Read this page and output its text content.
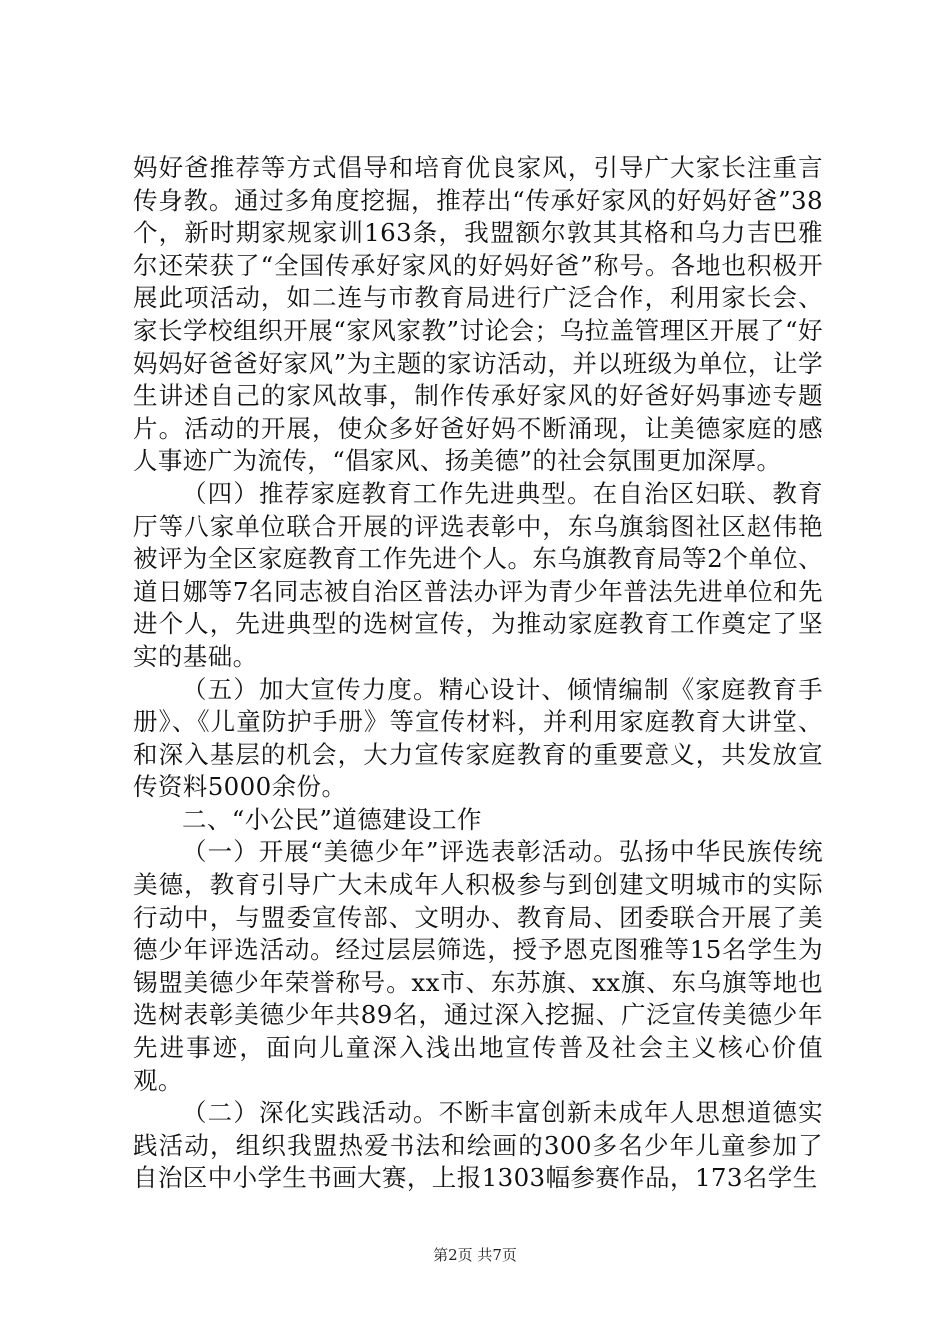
妈好爸推荐等方式倡导和培育优良家风，引导广大家长注重言传身教。通过多角度挖掘，推荐出“传承好家风的好妈好爸”38个，新时期家规家训163条，我盟额尔敦其其格和乌力吉巴雅尔还荣获了“全国传承好家风的好妈好爸”称号。各地也积极开展此项活动，如二连与市教育局进行广泛合作，利用家长会、家长学校组织开展“家风家教”讨论会；乌拉盖管理区开展了“好妈妈好爸爸好家风”为主题的家访活动，并以班级为单位，让学生讲述自己的家风故事，制作传承好家风的好爸好妈事迹专题片。活动的开展，使众多好爸好妈不断涌现，让美德家庭的感人事迹广为流传，“倡家风、扬美德”的社会氛围更加深厚。

（四）推荐家庭教育工作先进典型。在自治区妇联、教育厅等八家单位联合开展的评选表彰中，东乌旗翁图社区赵伟艳被评为全区家庭教育工作先进个人。东乌旗教育局等2个单位、道日娜等7名同志被自治区普法办评为青少年普法先进单位和先进个人，先进典型的选树宣传，为推动家庭教育工作奠定了坚实的基础。

（五）加大宣传力度。精心设计、倾情编制《家庭教育手册》、《儿童防护手册》等宣传材料，并利用家庭教育大讲堂、和深入基层的机会，大力宣传家庭教育的重要意义，共发放宣传资料5000余份。

二、“小公民”道德建设工作

（一）开展“美德少年”评选表彰活动。弘扬中华民族传统美德，教育引导广大未成年人积极参与到创建文明城市的实际行动中，与盟委宣传部、文明办、教育局、团委联合开展了美德少年评选活动。经过层层筛选，授予恩克图雅等15名学生为锡盟美德少年荣誉称号。xx市、东苏旗、xx旗、东乌旗等地也选树表彰美德少年共89名，通过深入挖掘、广泛宣传美德少年先进事迹，面向儿童深入浅出地宣传普及社会主义核心价值观。

（二）深化实践活动。不断丰富创新未成年人思想道德实践活动，组织我盟热爱书法和绘画的300多名少年儿童参加了自治区中小学生书画大赛，上报1303幅参赛作品，173名学生

第2页 共7页
